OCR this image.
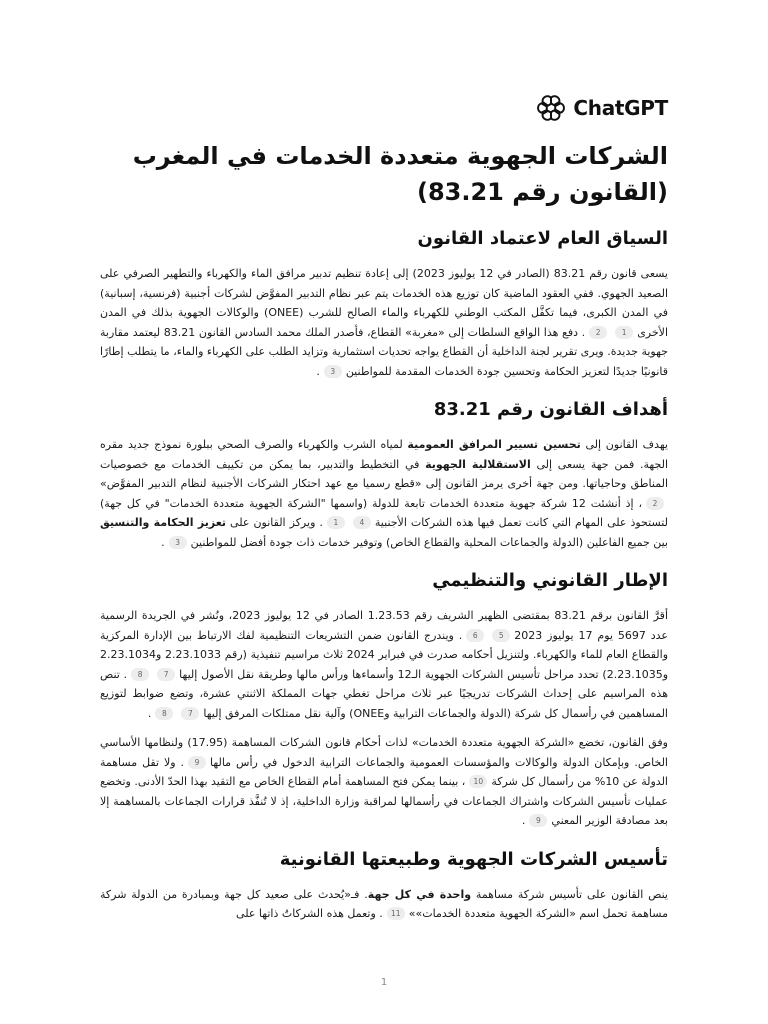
ChatGPT
الشركات الجهوية متعددة الخدمات في المغرب (القانون رقم 83.21)
السياق العام لاعتماد القانون

يسعى قانون رقم 83.21 (الصادر في 12 يوليوز 2023) إلى إعادة تنظيم تدبير مرافق الماء والكهرباء والتطهير الصرفي على الصعيد الجهوي. ففي العقود الماضية كان توزيع هذه الخدمات يتم عبر نظام التدبير المفوَّض لشركات أجنبية (فرنسية، إسبانية) في المدن الكبرى، فيما تكفَّل المكتب الوطني للكهرباء والماء الصالح للشرب (ONEE) والوكالات الجهوية بذلك في المدن الأخرى12. دفع هذا الواقع السلطات إلى «مغربة» القطاع، فأصدر الملك محمد السادس القانون 83.21 ليعتمد مقاربة جهوية جديدة. ويرى تقرير لجنة الداخلية أن القطاع يواجه تحديات استثمارية وتزايد الطلب على الكهرباء والماء، ما يتطلب إطارًا قانونيًا جديدًا لتعزيز الحكامة وتحسين جودة الخدمات المقدمة للمواطنين3.

أهداف القانون رقم 83.21

يهدف القانون إلى تحسين تسيير المرافق العمومية لمياه الشرب والكهرباء والصرف الصحي ببلورة نموذج جديد مقره الجهة. فمن جهة يسعى إلى الاستقلالية الجهوية في التخطيط والتدبير، بما يمكن من تكييف الخدمات مع خصوصيات المناطق وحاجياتها. ومن جهة أخرى يرمز القانون إلى «قطع رسميا مع عهد احتكار الشركات الأجنبية لنظام التدبير المفوَّض»2، إذ أنشئت 12 شركة جهوية متعددة الخدمات تابعة للدولة (واسمها "الشركة الجهوية متعددة الخدمات" في كل جهة) لتستحوذ على المهام التي كانت تعمل فيها هذه الشركات الأجنبية41. ويركز القانون على تعزيز الحكامة والتنسيق بين جميع الفاعلين (الدولة والجماعات المحلية والقطاع الخاص) وتوفير خدمات ذات جودة أفضل للمواطنين3.

الإطار القانوني والتنظيمي

أقرَّ القانون برقم 83.21 بمقتضى الظهير الشريف رقم 1.23.53 الصادر في 12 يوليوز 2023، ونُشر في الجريدة الرسمية عدد 5697 يوم 17 يوليوز 202356. ويندرج القانون ضمن التشريعات التنظيمية لفك الارتباط بين الإدارة المركزية والقطاع العام للماء والكهرباء. ولتنزيل أحكامه صدرت في فبراير 2024 ثلاث مراسيم تنفيذية (رقم 2.23.1033 و2.23.1034 و2.23.1035) تحدد مراحل تأسيس الشركات الجهوية الـ12 وأسماءها ورأس مالها وطريقة نقل الأصول إليها78. تنص هذه المراسيم على إحداث الشركات تدريجيًا عبر ثلاث مراحل تغطي جهات المملكة الاثنتي عشرة، وتضع ضوابط لتوزيع المساهمين في رأسمال كل شركة (الدولة والجماعات الترابية وONEE) وآلية نقل ممتلكات المرفق إليها78.

وفق القانون، تخضع «الشركة الجهوية متعددة الخدمات» لذات أحكام قانون الشركات المساهمة (17.95) ولنظامها الأساسي الخاص. وبإمكان الدولة والوكالات والمؤسسات العمومية والجماعات الترابية الدخول في رأس مالها9. ولا تقل مساهمة الدولة عن 10% من رأسمال كل شركة10، بينما يمكن فتح المساهمة أمام القطاع الخاص مع التقيد بهذا الحدّ الأدنى. وتخضع عمليات تأسيس الشركات واشتراك الجماعات في رأسمالها لمراقبة وزارة الداخلية، إذ لا تُنفَّذ قرارات الجماعات بالمساهمة إلا بعد مصادقة الوزير المعني9.

تأسيس الشركات الجهوية وطبيعتها القانونية

ينص القانون على تأسيس شركة مساهمة واحدة في كل جهة. فـ«يُحدث على صعيد كل جهة وبمبادرة من الدولة شركة مساهمة تحمل اسم «الشركة الجهوية متعددة الخدمات»»11. وتعمل هذه الشركاتُ ذاتها على

1
